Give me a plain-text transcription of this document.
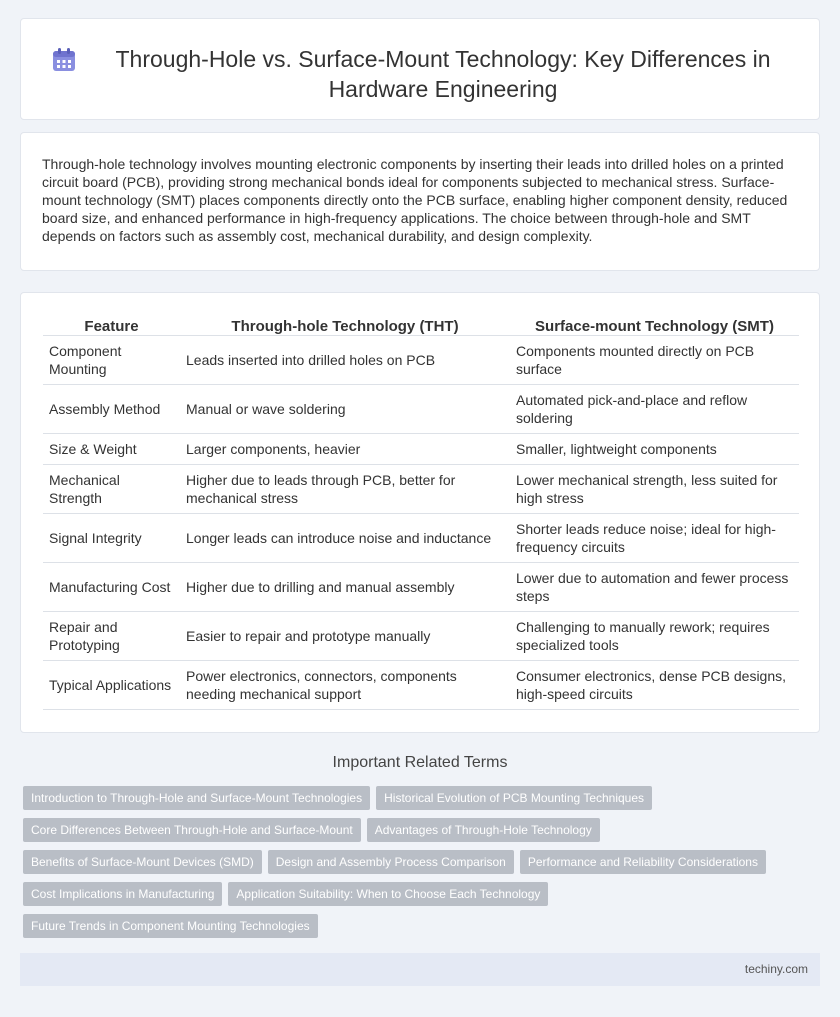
Through-Hole vs. Surface-Mount Technology: Key Differences in Hardware Engineering

Through-hole technology involves mounting electronic components by inserting their leads into drilled holes on a printed circuit board (PCB), providing strong mechanical bonds ideal for components subjected to mechanical stress. Surface-mount technology (SMT) places components directly onto the PCB surface, enabling higher component density, reduced board size, and enhanced performance in high-frequency applications. The choice between through-hole and SMT depends on factors such as assembly cost, mechanical durability, and design complexity.

Feature	Through-hole Technology (THT)	Surface-mount Technology (SMT)
Component Mounting	Leads inserted into drilled holes on PCB	Components mounted directly on PCB surface
Assembly Method	Manual or wave soldering	Automated pick-and-place and reflow soldering
Size & Weight	Larger components, heavier	Smaller, lightweight components
Mechanical Strength	Higher due to leads through PCB, better for mechanical stress	Lower mechanical strength, less suited for high stress
Signal Integrity	Longer leads can introduce noise and inductance	Shorter leads reduce noise; ideal for high-frequency circuits
Manufacturing Cost	Higher due to drilling and manual assembly	Lower due to automation and fewer process steps
Repair and Prototyping	Easier to repair and prototype manually	Challenging to manually rework; requires specialized tools
Typical Applications	Power electronics, connectors, components needing mechanical support	Consumer electronics, dense PCB designs, high-speed circuits
Important Related Terms
Introduction to Through-Hole and Surface-Mount Technologies	Historical Evolution of PCB Mounting Techniques
Core Differences Between Through-Hole and Surface-Mount	Advantages of Through-Hole Technology
Benefits of Surface-Mount Devices (SMD)	Design and Assembly Process Comparison	Performance and Reliability Considerations
Cost Implications in Manufacturing	Application Suitability: When to Choose Each Technology
Future Trends in Component Mounting Technologies
techiny.com
